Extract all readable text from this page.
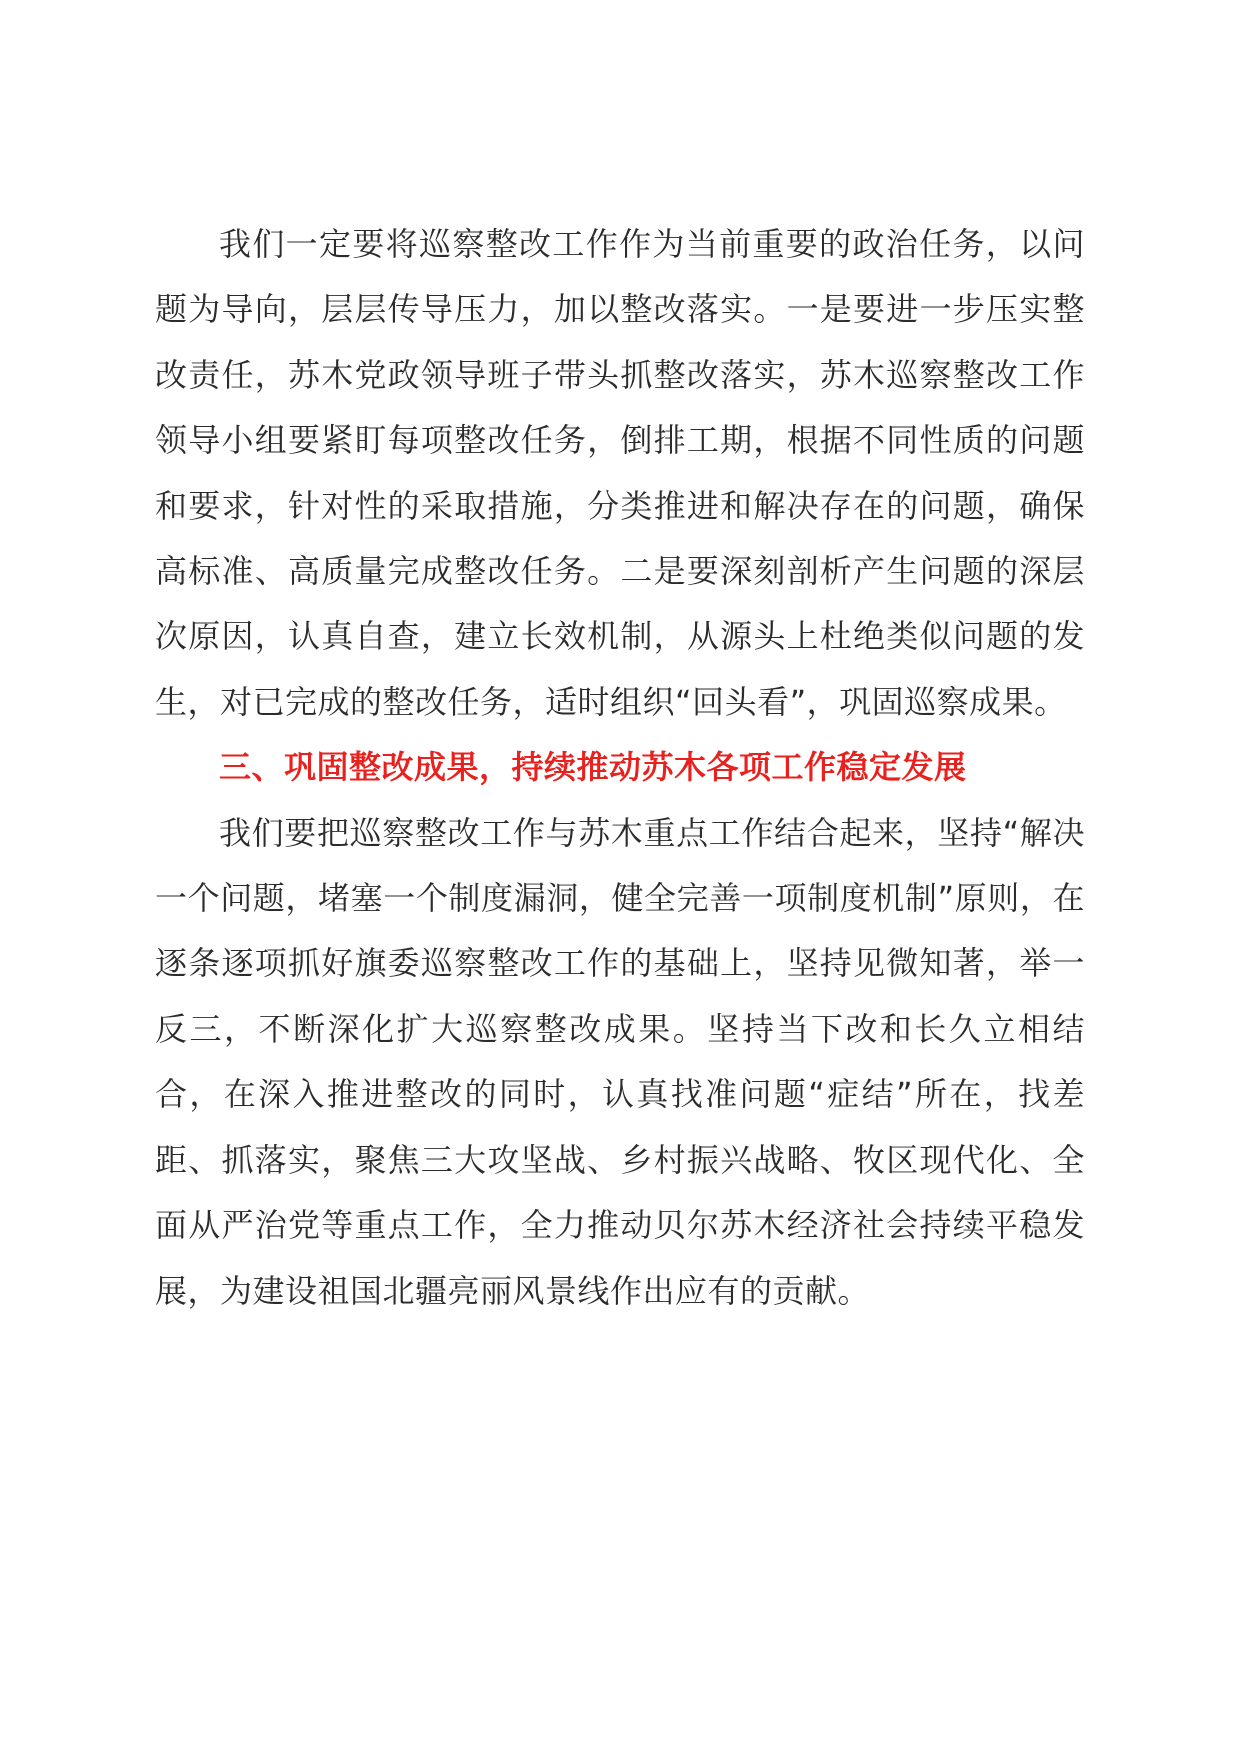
我们一定要将巡察整改工作作为当前重要的政治任务，以问题为导向，层层传导压力，加以整改落实。一是要进一步压实整改责任，苏木党政领导班子带头抓整改落实，苏木巡察整改工作领导小组要紧盯每项整改任务，倒排工期，根据不同性质的问题和要求，针对性的采取措施，分类推进和解决存在的问题，确保高标准、高质量完成整改任务。二是要深刻剖析产生问题的深层次原因，认真自查，建立长效机制，从源头上杜绝类似问题的发生，对已完成的整改任务，适时组织“回头看”，巩固巡察成果。

三、巩固整改成果，持续推动苏木各项工作稳定发展

我们要把巡察整改工作与苏木重点工作结合起来，坚持“解决一个问题，堵塞一个制度漏洞，健全完善一项制度机制”原则，在逐条逐项抓好旗委巡察整改工作的基础上，坚持见微知著，举一反三，不断深化扩大巡察整改成果。坚持当下改和长久立相结合，在深入推进整改的同时，认真找准问题“症结”所在，找差距、抓落实，聚焦三大攻坚战、乡村振兴战略、牧区现代化、全面从严治党等重点工作，全力推动贝尔苏木经济社会持续平稳发展，为建设祖国北疆亮丽风景线作出应有的贡献。
